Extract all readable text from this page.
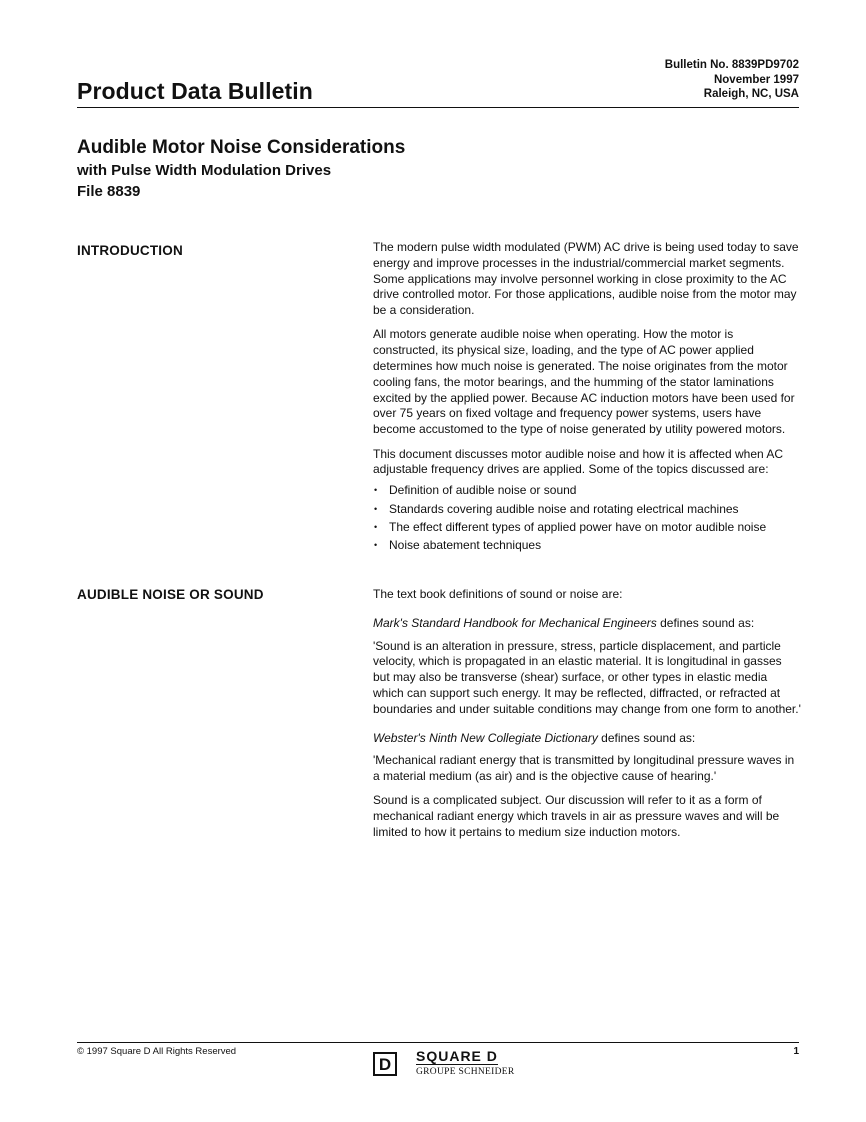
Product Data Bulletin
Bulletin No. 8839PD9702
November 1997
Raleigh, NC, USA
Audible Motor Noise Considerations
with Pulse Width Modulation Drives
File 8839
INTRODUCTION	The modern pulse width modulated (PWM) AC drive is being used today to save energy and improve processes in the industrial/commercial market segments. Some applications may involve personnel working in close proximity to the AC drive controlled motor. For those applications, audible noise from the motor may be a consideration.

All motors generate audible noise when operating. How the motor is constructed, its physical size, loading, and the type of AC power applied determines how much noise is generated. The noise originates from the motor cooling fans, the motor bearings, and the humming of the stator laminations excited by the applied power. Because AC induction motors have been used for over 75 years on fixed voltage and frequency power systems, users have become accustomed to the type of noise generated by utility powered motors.

This document discusses motor audible noise and how it is affected when AC adjustable frequency drives are applied. Some of the topics discussed are:

• Definition of audible noise or sound
• Standards covering audible noise and rotating electrical machines
• The effect different types of applied power have on motor audible noise
• Noise abatement techniques
AUDIBLE NOISE OR SOUND	The text book definitions of sound or noise are:

Mark's Standard Handbook for Mechanical Engineers defines sound as:

'Sound is an alteration in pressure, stress, particle displacement, and particle velocity, which is propagated in an elastic material. It is longitudinal in gasses but may also be transverse (shear) surface, or other types in elastic media which can support such energy. It may be reflected, diffracted, or refracted at boundaries and under suitable conditions may change from one form to another.'

Webster's Ninth New Collegiate Dictionary defines sound as:

'Mechanical radiant energy that is transmitted by longitudinal pressure waves in a material medium (as air) and is the objective cause of hearing.'

Sound is a complicated subject. Our discussion will refer to it as a form of mechanical radiant energy which travels in air as pressure waves and will be limited to how it pertains to medium size induction motors.

© 1997 Square D All Rights Reserved
D SQUARE D
GROUPE SCHNEIDER
1
